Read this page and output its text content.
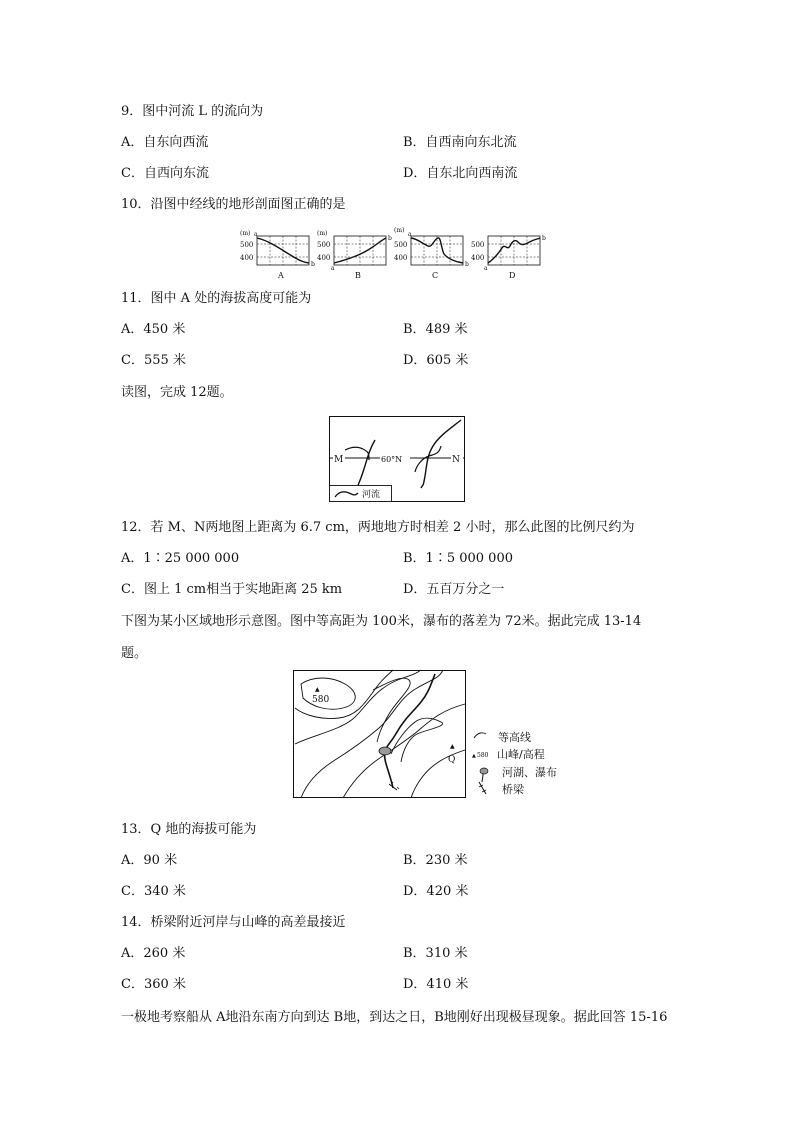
9．图中河流 L 的流向为
A．自东向西流	B．自西南向东北流
C．自西向东流	D．自东北向西南流
10．沿图中经线的地形剖面图正确的是
(m)
500
400
a
b
A
(m)
500
400
a
b
B
(m)
500
400
a
b
C
500
400
a
b
D
11．图中 A 处的海拔高度可能为
A．450 米	B．489 米
C．555 米	D．605 米
读图，完成 12题。
M	60°N	N
河流
12．若 M、N两地图上距离为 6.7 cm，两地地方时相差 2 小时，那么此图的比例尺约为
A．1∶25 000 000	B．1∶5 000 000
C．图上 1 cm相当于实地距离 25 km	D．五百万分之一
下图为某小区域地形示意图。图中等高距为 100米，瀑布的落差为 72米。据此完成 13-14
题。
▲
580
▲
Q
等高线
▲ 580 山峰/高程
河湖、瀑布
桥梁
13．Q 地的海拔可能为
A．90 米	B．230 米
C．340 米	D．420 米
14．桥梁附近河岸与山峰的高差最接近
A．260 米	B．310 米
C．360 米	D．410 米
一极地考察船从 A地沿东南方向到达 B地，到达之日，B地刚好出现极昼现象。据此回答 15-16
